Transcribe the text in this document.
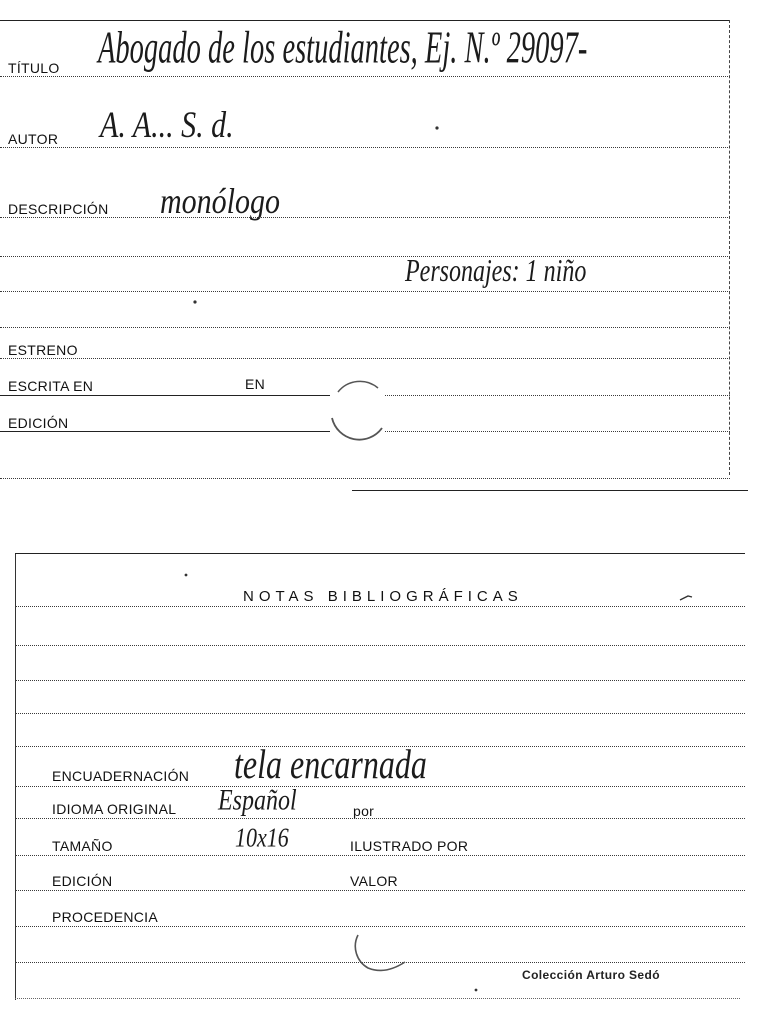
TÍTULO Abogado de los estudiantes, Ej. N.º 29097-
AUTOR A. A... S. d.
DESCRIPCIÓN monólogo
Personajes: 1 niño
ESTRENO
ESCRITA EN	EN
EDICIÓN
NOTAS BIBLIOGRÁFICAS
ENCUADERNACIÓN tela encarnada
IDIOMA ORIGINAL Español	por
TAMAÑO	10x16	ILUSTRADO POR
EDICIÓN	VALOR
PROCEDENCIA
Colección Arturo Sedó
